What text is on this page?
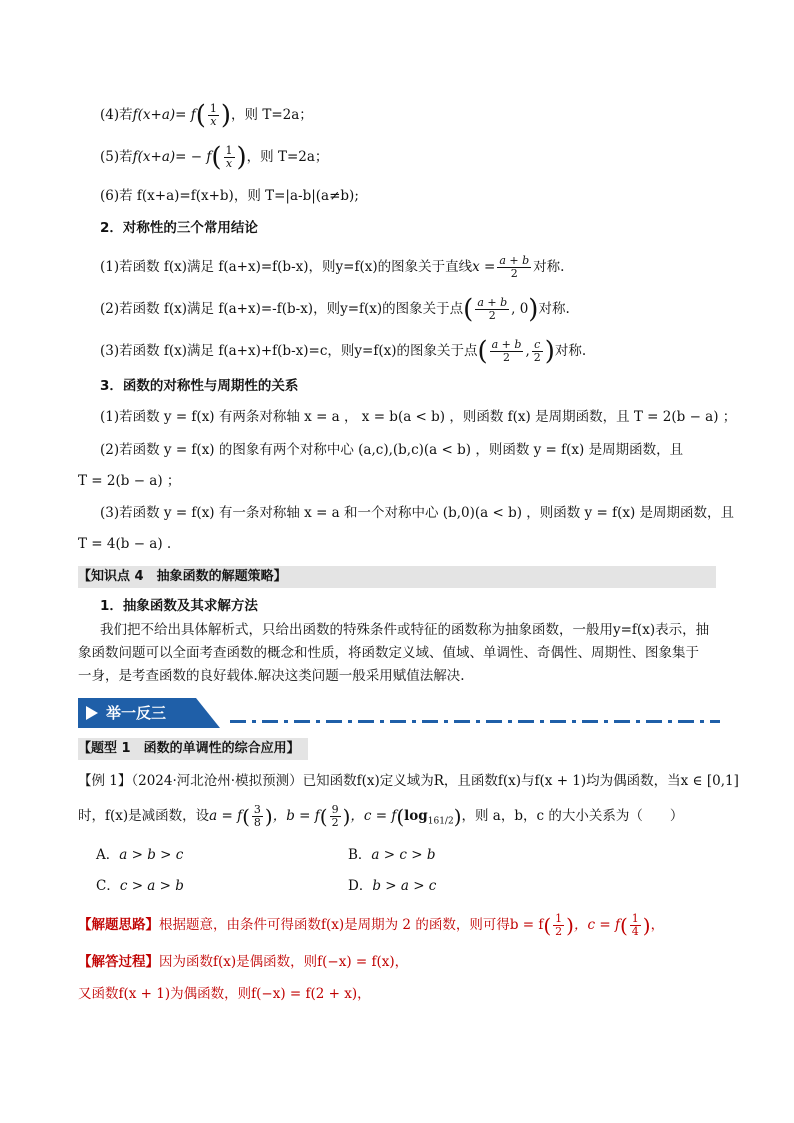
(4)若$f(x+a)= f( \frac{1}{x}$ )，则 T=2a；
(5)若$f(x+a)= - f( \frac{1}{x}$ )，则 T=2a；
(6)若 f(x+a)=f(x+b)，则 T=|a-b|(a≠b);
2．对称性的三个常用结论
(1)若函数 f(x)满足 f(a+x)=f(b-x)，则y=f(x)的图象关于直线$x = \frac{a + b}{2}$ 对称.
(2)若函数 f(x)满足 f(a+x)=-f(b-x)，则y=f(x)的图象关于点( $\frac{a + b}{2}$ , 0)对称.
(3)若函数 f(x)满足 f(a+x)+f(b-x)=c，则y=f(x)的图象关于点( $\frac{a + b}{2}$ , $\frac{c}{2}$ )对称.
3．函数的对称性与周期性的关系
(1)若函数 y = f(x) 有两条对称轴 x = a ， x = b(a < b) ，则函数 f(x) 是周期函数，且 T = 2(b − a) ；
(2)若函数 y = f(x) 的图象有两个对称中心 (a,c),(b,c)(a < b) ，则函数 y = f(x) 是周期函数，且
T = 2(b − a) ；
(3)若函数 y = f(x) 有一条对称轴 x = a 和一个对称中心 (b,0)(a < b) ，则函数 y = f(x) 是周期函数，且
T = 4(b − a) .
【知识点 4　抽象函数的解题策略】
1．抽象函数及其求解方法
我们把不给出具体解析式，只给出函数的特殊条件或特征的函数称为抽象函数，一般用y=f(x)表示，抽
象函数问题可以全面考查函数的概念和性质，将函数定义域、值域、单调性、奇偶性、周期性、图象集于
一身，是考查函数的良好载体.解决这类问题一般采用赋值法解决.
举一反三
【题型 1　函数的单调性的综合应用】
【例 1】（2024·河北沧州·模拟预测）已知函数f(x)定义域为R，且函数f(x)与f(x + 1)均为偶函数，当x ∈ [0,1]
时，f(x)是减函数，设$a = f( \frac{3}{8}$ )，$b = f( \frac{9}{2}$ )，$c = f(\log_{161/2})$，则 a，b，c 的大小关系为（　　）
A．a > b > c	B．a > c > b
C．c > a > b	D．b > a > c
【解题思路】根据题意，由条件可得函数f(x)是周期为 2 的函数，则可得$b = f( \frac{1}{2}$ )，$c = f( \frac{1}{4}$ )，
【解答过程】因为函数f(x)是偶函数，则f(−x) = f(x)，
又函数f(x + 1)为偶函数，则f(−x) = f(2 + x)，
